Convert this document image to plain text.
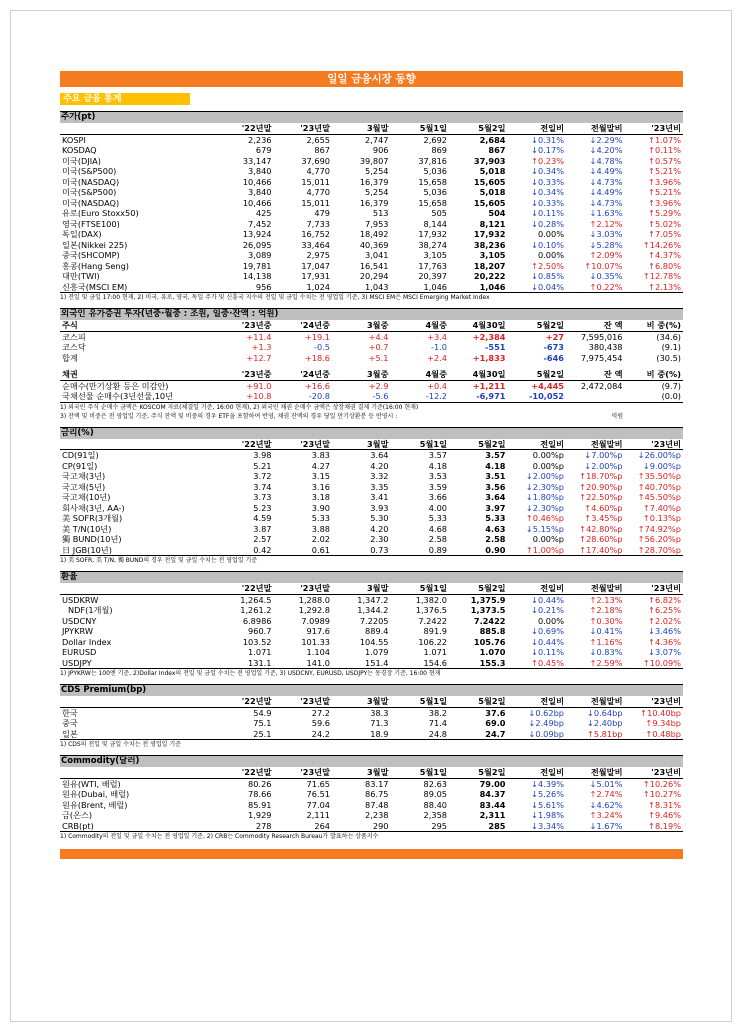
일일 금융시장 동향
주요 금융 통계
주가(pt)
	'22년말	'23년말	3월말	5월1일	5월2일	전일비	전월말비	'23년비
KOSPI	2,236	2,655	2,747	2,692	2,684	↓0.31%	↓2.29%	↑1.07%
KOSDAQ	679	867	906	869	867	↓0.17%	↓4.20%	↑0.11%
미국(DJIA)	33,147	37,690	39,807	37,816	37,903	↑0.23%	↓4.78%	↑0.57%
미국(S&P500)	3,840	4,770	5,254	5,036	5,018	↓0.34%	↓4.49%	↑5.21%
미국(NASDAQ)	10,466	15,011	16,379	15,658	15,605	↓0.33%	↓4.73%	↑3.96%
미국(S&P500)	3,840	4,770	5,254	5,036	5,018	↓0.34%	↓4.49%	↑5.21%
미국(NASDAQ)	10,466	15,011	16,379	15,658	15,605	↓0.33%	↓4.73%	↑3.96%
유로(Euro Stoxx50)	425	479	513	505	504	↓0.11%	↓1.63%	↑5.29%
영국(FTSE100)	7,452	7,733	7,953	8,144	8,121	↓0.28%	↑2.12%	↑5.02%
독일(DAX)	13,924	16,752	18,492	17,932	17,932	0.00%	↓3.03%	↑7.05%
일본(Nikkei 225)	26,095	33,464	40,369	38,274	38,236	↓0.10%	↓5.28%	↑14.26%
중국(SHCOMP)	3,089	2,975	3,041	3,105	3,105	0.00%	↑2.09%	↑4.37%
홍콩(Hang Seng)	19,781	17,047	16,541	17,763	18,207	↑2.50%	↑10.07%	↑6.80%
대만(TWI)	14,138	17,931	20,294	20,397	20,222	↓0.85%	↓0.35%	↑12.78%
신흥국(MSCI EM)	956	1,024	1,043	1,046	1,046	↓0.04%	↑0.22%	↑2.13%
1) 전일 및 금일 17:00 현재, 2) 미국, 유로, 영국, 독일 주가 및 신흥국 지수의 전일 및 금일 수치는 전 영업일 기준, 3) MSCI EM은 MSCI Emerging Market Index
외국인 유가증권 투자(년중·월중 : 조원, 일중·잔액 : 억원)
주식	'23년중	'24년중	3월중	4월중	4월30일	5월2일	잔 액	비 중(%)
코스피	+11.4	+19.1	+4.4	+3.4	+2,384	+27	7,595,016	(34.6)
코스닥	+1.3	-0.5	+0.7	-1.0	-551	-673	380,438	(9.1)
합계	+12.7	+18.6	+5.1	+2.4	+1,833	-646	7,975,454	(30.5)
채권	'23년중	'24년중	3월중	4월중	4월30일	5월2일	잔 액	비 중(%)
순매수(만기상환 등은 미감안)	+91.0	+16.6	+2.9	+0.4	+1,211	+4,445	2,472,084	(9.7)
국채선물 순매수(3년선물,10년	+10.8	-20.8	-5.6	-12.2	-6,971	-10,052		(0.0)
1) 외국인 주식 순매수 금액은 KOSCOM 자료(체결일 기준, 16:00 현재), 2) 외국인 채권 순매수 금액은 상장채권 결제 기준(16:00 현재)
3) 잔액 및 비중은 전 영업일 기준, 주식 잔액 및 비중의 경우 ETF을 포함하여 반영, 채권 잔액의 경우 당일 만기상환분 등 반영시 :	억원
금리(%)
	'22년말	'23년말	3월말	5월1일	5월2일	전일비	전월말비	'23년비
CD(91일)	3.98	3.83	3.64	3.57	3.57	0.00%p	↓7.00%p	↓26.00%p
CP(91일)	5.21	4.27	4.20	4.18	4.18	0.00%p	↓2.00%p	↓9.00%p
국고채(3년)	3.72	3.15	3.32	3.53	3.51	↓2.00%p	↑18.70%p	↑35.50%p
국고채(5년)	3.74	3.16	3.35	3.59	3.56	↓2.30%p	↑20.90%p	↑40.70%p
국고채(10년)	3.73	3.18	3.41	3.66	3.64	↓1.80%p	↑22.50%p	↑45.50%p
회사채(3년, AA-)	5.23	3.90	3.93	4.00	3.97	↓2.30%p	↑4.60%p	↑7.40%p
美 SOFR(3개월)	4.59	5.33	5.30	5.33	5.33	↑0.46%p	↑3.45%p	↑0.13%p
美 T/N(10년)	3.87	3.88	4.20	4.68	4.63	↓5.15%p	↑42.80%p	↑74.92%p
獨 BUND(10년)	2.57	2.02	2.30	2.58	2.58	0.00%p	↑28.60%p	↑56.20%p
日 JGB(10년)	0.42	0.61	0.73	0.89	0.90	↑1.00%p	↑17.40%p	↑28.70%p
1) 美 SOFR, 美 T/N, 獨 BUND의 경우 전일 및 금일 수치는 전 영업일 기준
환율
	'22년말	'23년말	3월말	5월1일	5월2일	전일비	전월말비	'23년비
USDKRW	1,264.5	1,288.0	1,347.2	1,382.0	1,375.9	↓0.44%	↑2.13%	↑6.82%
NDF(1개월)	1,261.2	1,292.8	1,344.2	1,376.5	1,373.5	↓0.21%	↑2.18%	↑6.25%
USDCNY	6.8986	7.0989	7.2205	7.2422	7.2422	0.00%	↑0.30%	↑2.02%
JPYKRW	960.7	917.6	889.4	891.9	885.8	↓0.69%	↓0.41%	↓3.46%
Dollar Index	103.52	101.33	104.55	106.22	105.76	↓0.44%	↑1.16%	↑4.36%
EURUSD	1.071	1.104	1.079	1.071	1.070	↓0.11%	↓0.83%	↓3.07%
USDJPY	131.1	141.0	151.4	154.6	155.3	↑0.45%	↑2.59%	↑10.09%
1) JPYKRW는 100엔 기준, 2)Dollar Index의 전일 및 금일 수치는 전 영업일 기준, 3) USDCNY, EURUSD, USDJPY는 동경장 기준, 16:00 현재
CDS Premium(bp)
	'22년말	'23년말	3월말	5월1일	5월2일	전일비	전월말비	'23년비
한국	54.9	27.2	38.3	38.2	37.6	↓0.62bp	↓0.64bp	↑10.40bp
중국	75.1	59.6	71.3	71.4	69.0	↓2.49bp	↓2.40bp	↑9.34bp
일본	25.1	24.2	18.9	24.8	24.7	↓0.09bp	↑5.81bp	↑0.48bp
1) CDS의 전일 및 금일 수치는 전 영업일 기준
Commodity(달러)
	'22년말	'23년말	3월말	5월1일	5월2일	전일비	전월말비	'23년비
원유(WTI, 배럴)	80.26	71.65	83.17	82.63	79.00	↓4.39%	↓5.01%	↑10.26%
원유(Dubai, 배럴)	78.66	76.51	86.75	89.05	84.37	↓5.26%	↑2.74%	↑10.27%
원유(Brent, 배럴)	85.91	77.04	87.48	88.40	83.44	↓5.61%	↓4.62%	↑8.31%
금(온스)	1,929	2,111	2,238	2,358	2,311	↓1.98%	↑3.24%	↑9.46%
CRB(pt)	278	264	290	295	285	↓3.34%	↓1.67%	↑8.19%
1) Commodity의 전일 및 금일 수치는 전 영업일 기준, 2) CRB는 Commodity Research Bureau가 발표하는 상품지수
